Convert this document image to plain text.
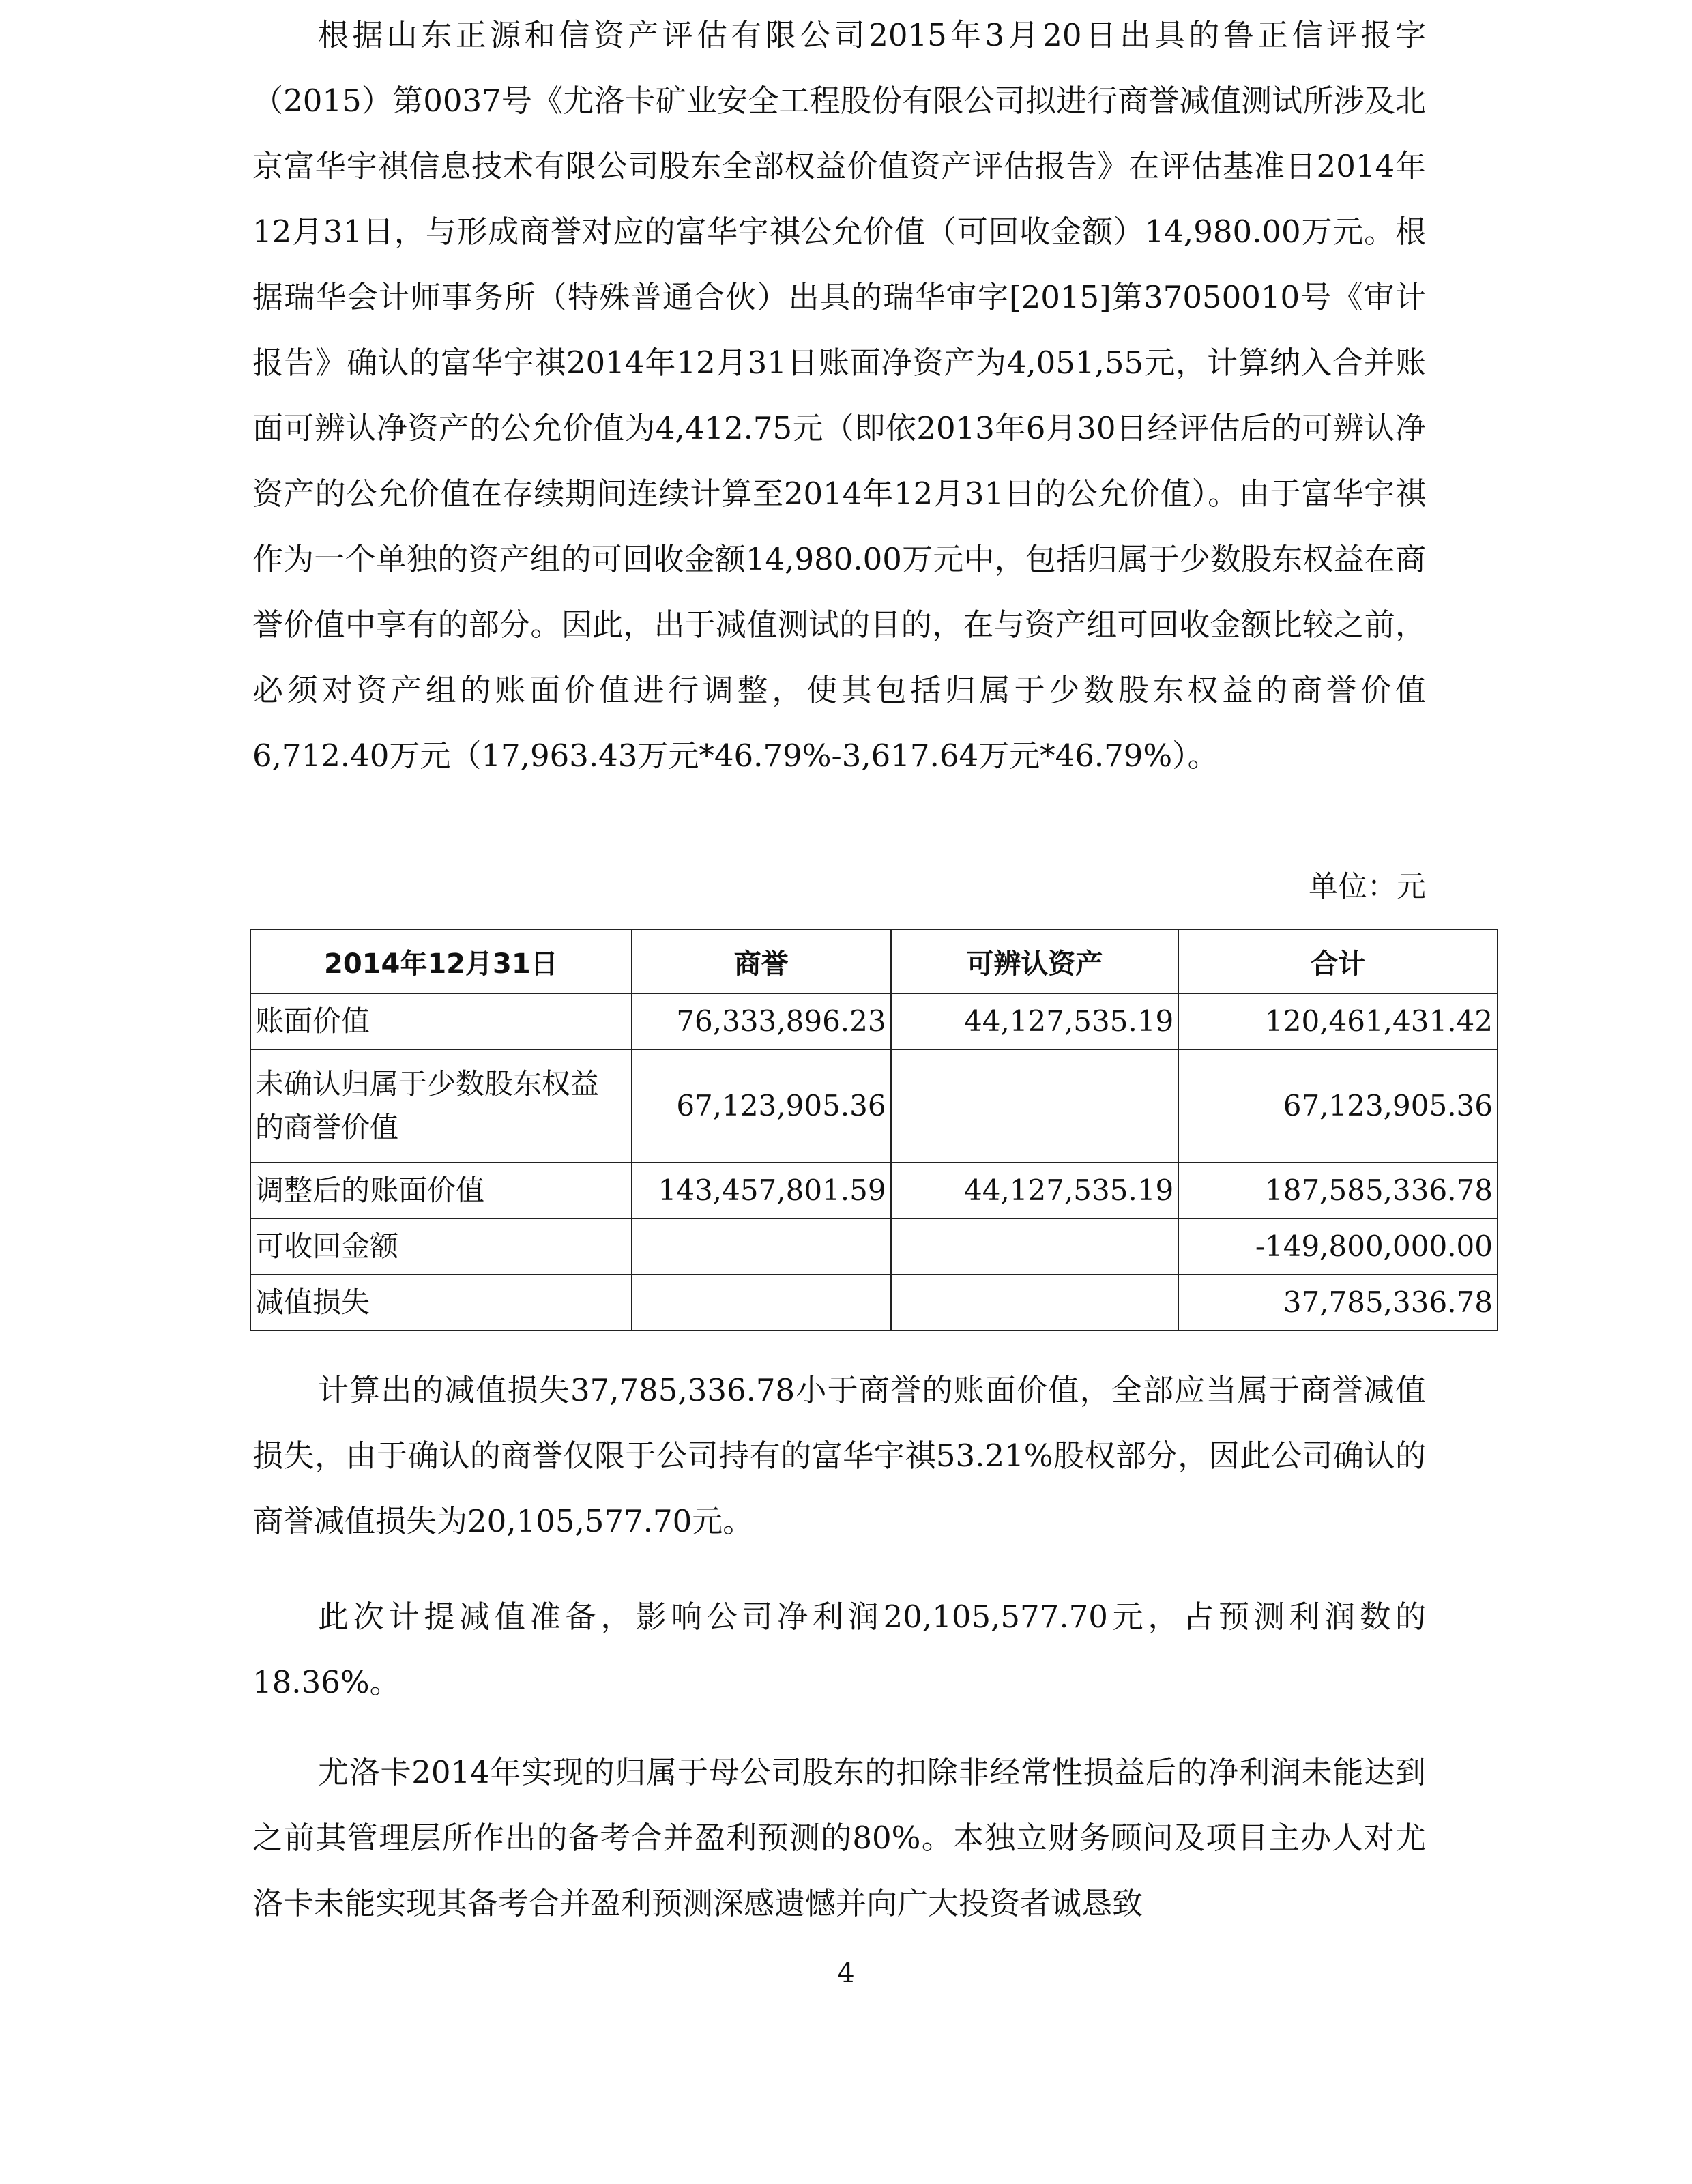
根据山东正源和信资产评估有限公司2015年3月20日出具的鲁正信评报字（2015）第0037号《尤洛卡矿业安全工程股份有限公司拟进行商誉减值测试所涉及北京富华宇祺信息技术有限公司股东全部权益价值资产评估报告》在评估基准日2014年12月31日，与形成商誉对应的富华宇祺公允价值（可回收金额）14,980.00万元。根据瑞华会计师事务所（特殊普通合伙）出具的瑞华审字[2015]第37050010号《审计报告》确认的富华宇祺2014年12月31日账面净资产为4,051,55元，计算纳入合并账面可辨认净资产的公允价值为4,412.75元（即依2013年6月30日经评估后的可辨认净资产的公允价值在存续期间连续计算至2014年12月31日的公允价值）。由于富华宇祺作为一个单独的资产组的可回收金额14,980.00万元中，包括归属于少数股东权益在商誉价值中享有的部分。因此，出于减值测试的目的，在与资产组可回收金额比较之前，必须对资产组的账面价值进行调整，使其包括归属于少数股东权益的商誉价值6,712.40万元（17,963.43万元*46.79%-3,617.64万元*46.79%）。

单位：元
2014年12月31日	商誉	可辨认资产	合计
账面价值	76,333,896.23	44,127,535.19	120,461,431.42
未确认归属于少数股东权益的商誉价值	67,123,905.36		67,123,905.36
调整后的账面价值	143,457,801.59	44,127,535.19	187,585,336.78
可收回金额			-149,800,000.00
减值损失			37,785,336.78

计算出的减值损失37,785,336.78小于商誉的账面价值，全部应当属于商誉减值损失，由于确认的商誉仅限于公司持有的富华宇祺53.21%股权部分，因此公司确认的商誉减值损失为20,105,577.70元。

此次计提减值准备，影响公司净利润20,105,577.70元，占预测利润数的18.36%。

尤洛卡2014年实现的归属于母公司股东的扣除非经常性损益后的净利润未能达到之前其管理层所作出的备考合并盈利预测的80%。本独立财务顾问及项目主办人对尤洛卡未能实现其备考合并盈利预测深感遗憾并向广大投资者诚恳致

4
